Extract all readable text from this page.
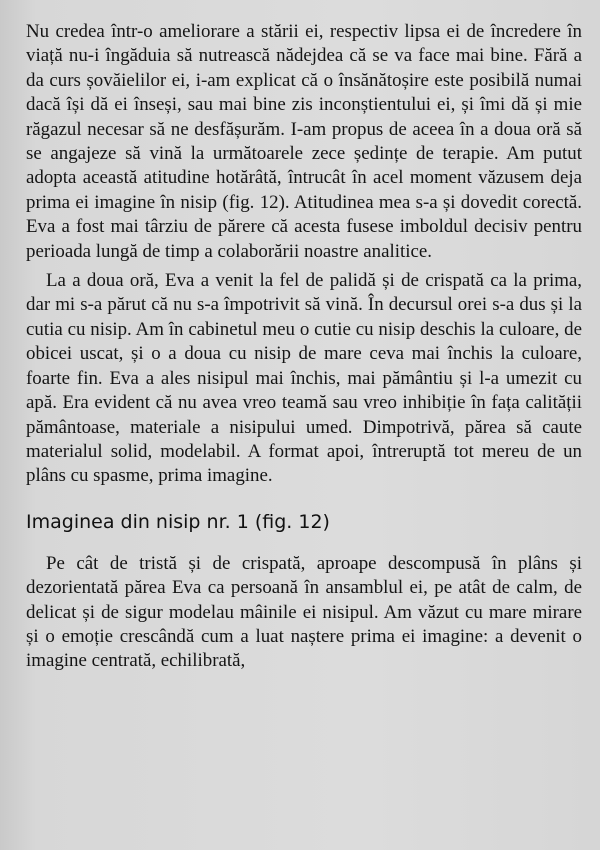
Nu credea într-o ameliorare a stării ei, respectiv lipsa ei de încredere în viață nu-i îngăduia să nutrească nădejdea că se va face mai bine. Fără a da curs șovăielilor ei, i-am explicat că o însănătoșire este posibilă numai dacă își dă ei înseși, sau mai bine zis inconștientului ei, și îmi dă și mie răgazul necesar să ne desfășurăm. I-am propus de aceea în a doua oră să se angajeze să vină la următoarele zece ședințe de terapie. Am putut adopta această atitudine hotărâtă, întrucât în acel moment văzusem deja prima ei imagine în nisip (fig. 12). Atitudinea mea s-a și dovedit corectă. Eva a fost mai târziu de părere că acesta fusese imboldul decisiv pentru perioada lungă de timp a colaborării noastre analitice.

La a doua oră, Eva a venit la fel de palidă și de crispată ca la prima, dar mi s-a părut că nu s-a împotrivit să vină. În decursul orei s-a dus și la cutia cu nisip. Am în cabinetul meu o cutie cu nisip deschis la culoare, de obicei uscat, și o a doua cu nisip de mare ceva mai închis la culoare, foarte fin. Eva a ales nisipul mai închis, mai pământiu și l-a umezit cu apă. Era evident că nu avea vreo teamă sau vreo inhibiție în fața calității pământoase, materiale a nisipului umed. Dimpotrivă, părea să caute materialul solid, modelabil. A format apoi, întreruptă tot mereu de un plâns cu spasme, prima imagine.

Imaginea din nisip nr. 1 (fig. 12)

Pe cât de tristă și de crispată, aproape descompusă în plâns și dezorientată părea Eva ca persoană în ansamblul ei, pe atât de calm, de delicat și de sigur modelau mâinile ei nisipul. Am văzut cu mare mirare și o emoție crescândă cum a luat naștere prima ei imagine: a devenit o imagine centrată, echilibrată,
